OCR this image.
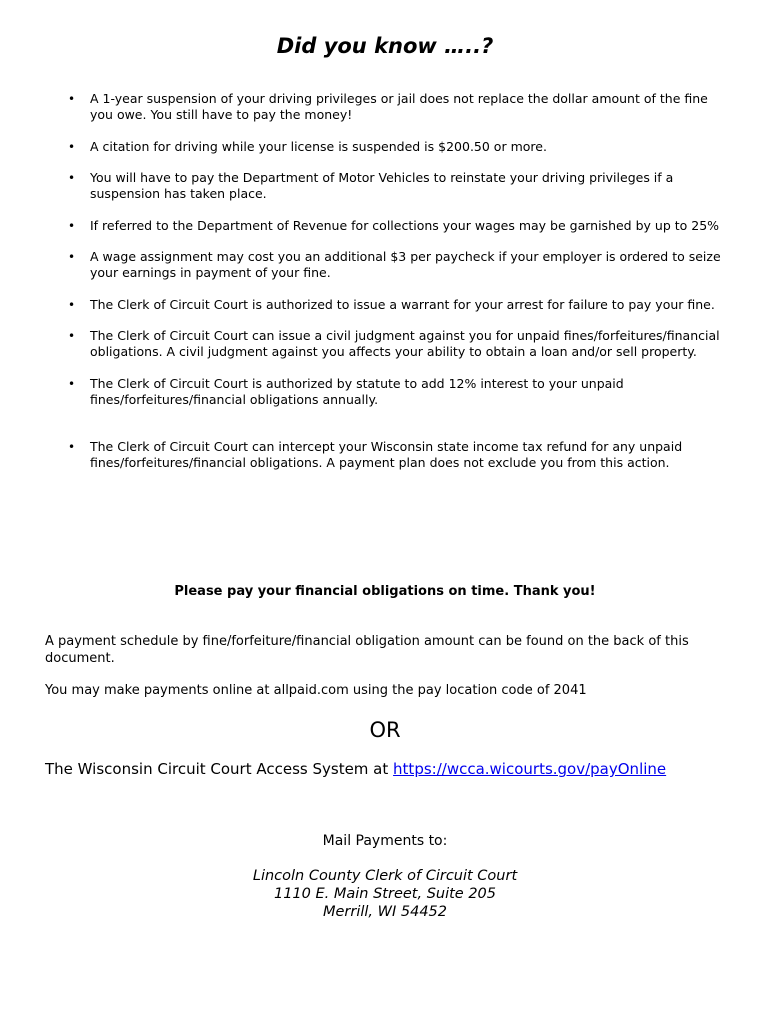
Did you know …..?
• A 1-year suspension of your driving privileges or jail does not replace the dollar amount of the fine you owe. You still have to pay the money!
• A citation for driving while your license is suspended is $200.50 or more.
• You will have to pay the Department of Motor Vehicles to reinstate your driving privileges if a suspension has taken place.
• If referred to the Department of Revenue for collections your wages may be garnished by up to 25%
• A wage assignment may cost you an additional $3 per paycheck if your employer is ordered to seize your earnings in payment of your fine.
• The Clerk of Circuit Court is authorized to issue a warrant for your arrest for failure to pay your fine.
• The Clerk of Circuit Court can issue a civil judgment against you for unpaid fines/forfeitures/financial obligations. A civil judgment against you affects your ability to obtain a loan and/or sell property.
• The Clerk of Circuit Court is authorized by statute to add 12% interest to your unpaid fines/forfeitures/financial obligations annually.
• The Clerk of Circuit Court can intercept your Wisconsin state income tax refund for any unpaid fines/forfeitures/financial obligations. A payment plan does not exclude you from this action.
Please pay your financial obligations on time. Thank you!

A payment schedule by fine/forfeiture/financial obligation amount can be found on the back of this document.

You may make payments online at allpaid.com using the pay location code of 2041

OR
The Wisconsin Circuit Court Access System at https://wcca.wicourts.gov/payOnline
Mail Payments to:
Lincoln County Clerk of Circuit Court
1110 E. Main Street, Suite 205
Merrill, WI 54452
